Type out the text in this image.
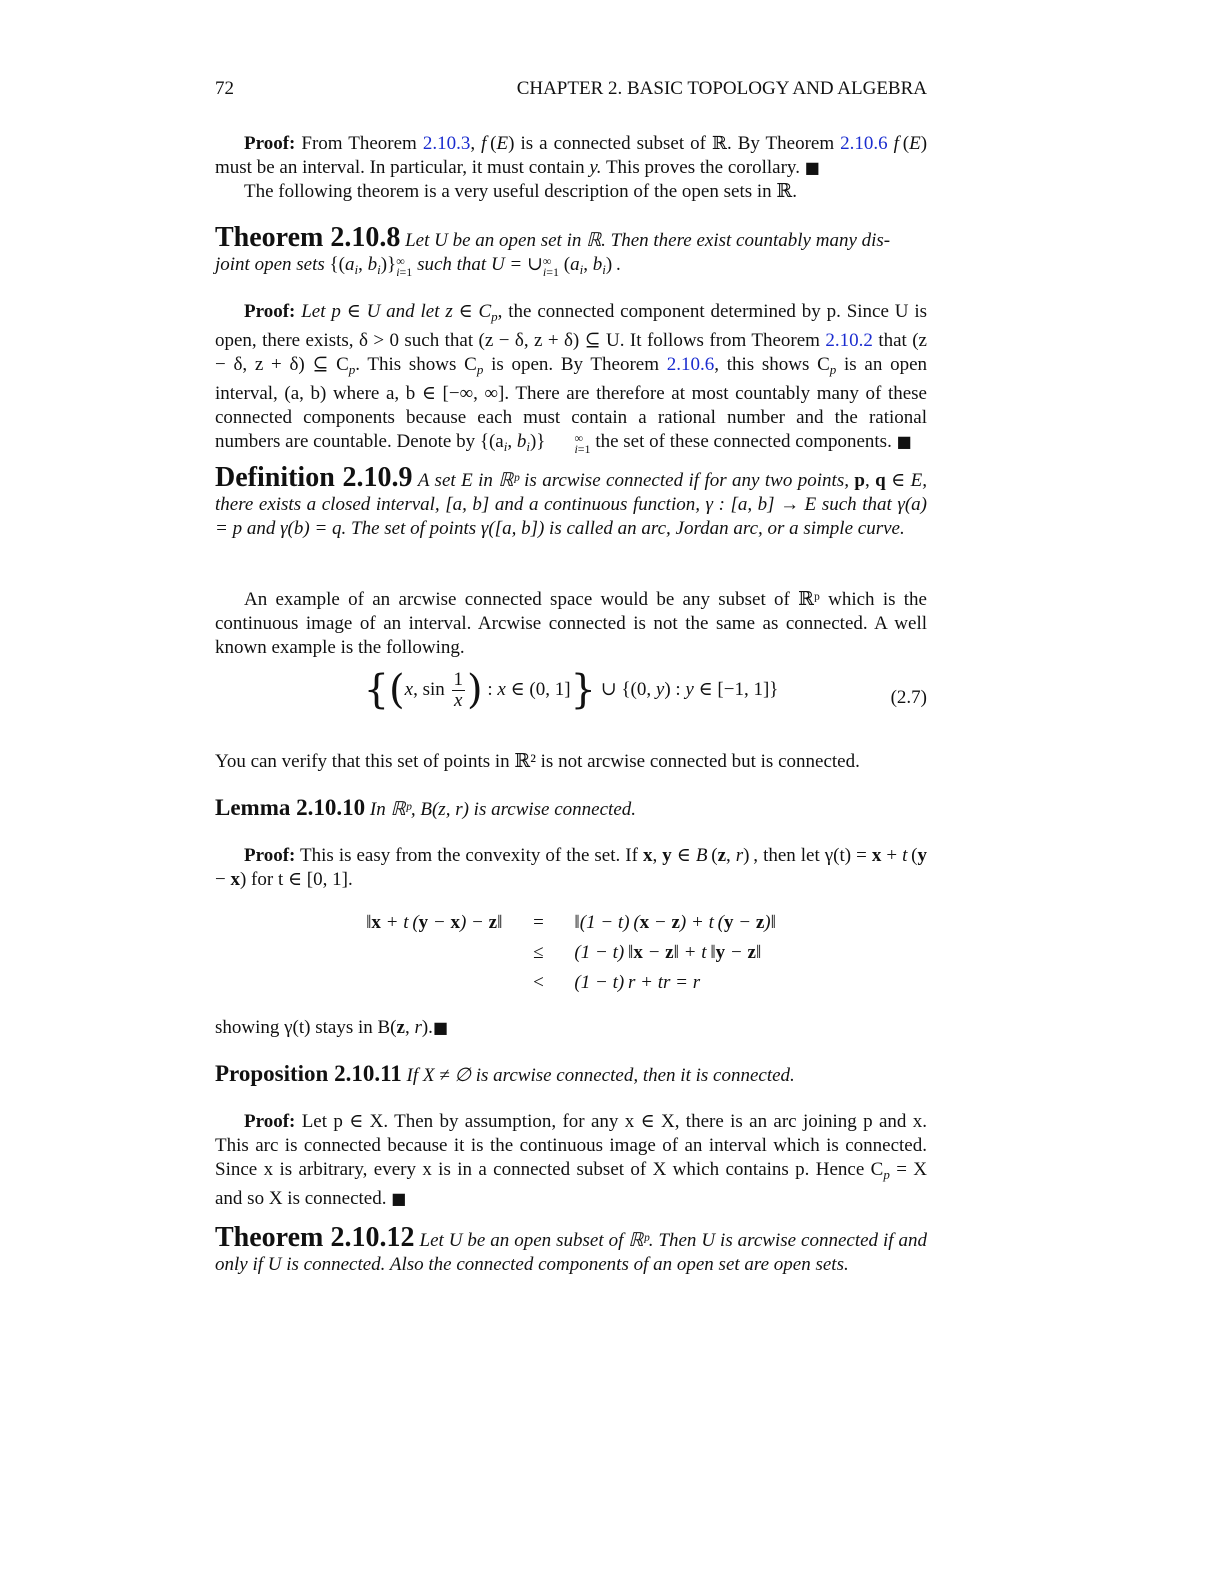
72	CHAPTER 2. BASIC TOPOLOGY AND ALGEBRA
Proof: From Theorem 2.10.3, f (E) is a connected subset of ℝ. By Theorem 2.10.6 f (E) must be an interval. In particular, it must contain y. This proves the corollary. ■
The following theorem is a very useful description of the open sets in ℝ.
Theorem 2.10.8 Let U be an open set in ℝ. Then there exist countably many dis-
joint open sets {($a_i$, $b_i$)} ∞
i=1 such that U = ∪ ∞
i=1 ($a_i$, $b_i$) .
Proof: Let p ∈ U and let z ∈ $C_p$, the connected component determined by p. Since U is open, there exists, δ > 0 such that (z − δ, z + δ) ⊆ U. It follows from Theorem 2.10.2 that (z − δ, z + δ) ⊆ $C_p$. This shows $C_p$ is open. By Theorem 2.10.6, this shows $C_p$ is an open interval, (a, b) where a, b ∈ [−∞, ∞]. There are therefore at most countably many of these connected components because each must contain a rational number and the rational numbers are countable. Denote by {($a_i$, $b_i$)}	∞
i=1 the set of these connected components. ■
Definition 2.10.9 A set E in ℝᵖ is arcwise connected if for any two points, p, q ∈ E, there exists a closed interval, [a, b] and a continuous function, γ : [a, b] → E such that γ(a) = p and γ(b) = q. The set of points γ([a, b]) is called an arc, Jordan arc, or a simple curve.
An example of an arcwise connected space would be any subset of ℝᵖ which is the continuous image of an interval. Arcwise connected is not the same as connected. A well known example is the following.
{(x, $\sin \frac{1}{x}$ ) : x ∈ (0, 1]} ∪ {(0, y) : y ∈ [−1, 1]}	(2.7)
You can verify that this set of points in ℝ² is not arcwise connected but is connected.
Lemma 2.10.10 In ℝᵖ, B(z, r) is arcwise connected.
Proof: This is easy from the convexity of the set. If x, y ∈ B (z, r) , then let γ(t) = x + t (y − x) for t ∈ [0, 1].
‖x + t (y − x) − z‖	=	‖(1 − t) (x − z) + t (y − z)‖
	≤	(1 − t) ‖x − z‖ + t ‖y − z‖
	<	(1 − t) r + tr = r
showing γ(t) stays in B(z, r).■
Proposition 2.10.11 If X ≠ ∅ is arcwise connected, then it is connected.
Proof: Let p ∈ X. Then by assumption, for any x ∈ X, there is an arc joining p and x. This arc is connected because it is the continuous image of an interval which is connected. Since x is arbitrary, every x is in a connected subset of X which contains p. Hence $C_p = X$ and so X is connected. ■
Theorem 2.10.12 Let U be an open subset of ℝᵖ. Then U is arcwise connected if and only if U is connected. Also the connected components of an open set are open sets.
